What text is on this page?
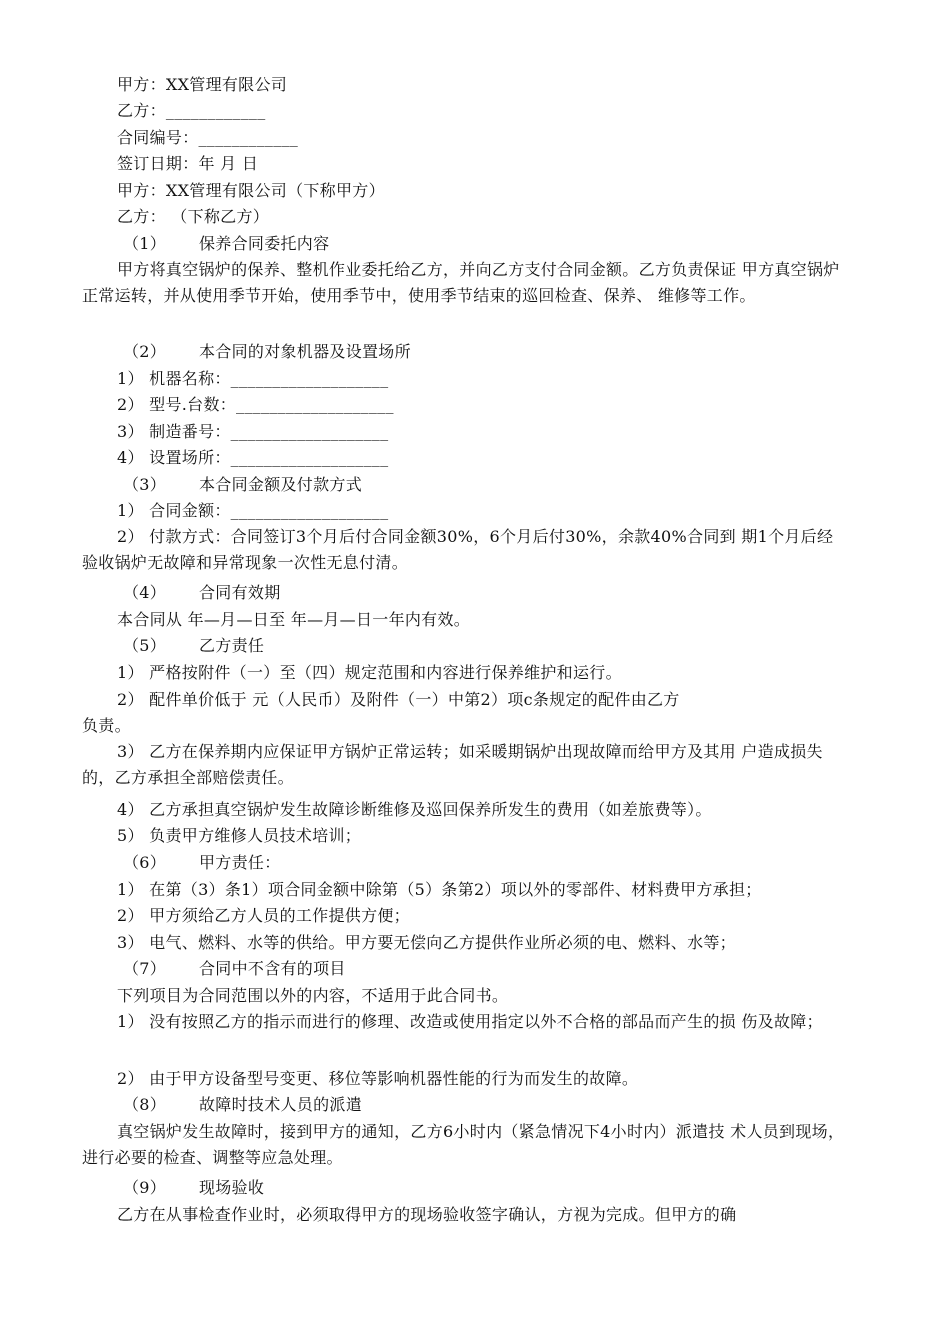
甲方：XX管理有限公司
乙方：____________
合同编号：____________
签订日期：年 月 日
甲方：XX管理有限公司（下称甲方）
乙方： （下称乙方）
（1） 保养合同委托内容
甲方将真空锅炉的保养、整机作业委托给乙方，并向乙方支付合同金额。乙方负责保证 甲方真空锅炉正常运转，并从使用季节开始，使用季节中，使用季节结束的巡回检查、保养、 维修等工作。
（2） 本合同的对象机器及设置场所
1） 机器名称：___________________
2） 型号.台数：___________________
3） 制造番号：___________________
4） 设置场所：___________________
（3） 本合同金额及付款方式
1） 合同金额：___________________
2） 付款方式：合同签订3个月后付合同金额30%，6个月后付30%，余款40%合同到 期1个月后经验收锅炉无故障和异常现象一次性无息付清。
（4） 合同有效期
本合同从 年—月—日至 年—月—日一年内有效。
（5） 乙方责任
1） 严格按附件（一）至（四）规定范围和内容进行保养维护和运行。
2） 配件单价低于 元（人民币）及附件（一）中第2）项c条规定的配件由乙方
负责。
3） 乙方在保养期内应保证甲方锅炉正常运转；如采暖期锅炉出现故障而给甲方及其用 户造成损失的，乙方承担全部赔偿责任。
4） 乙方承担真空锅炉发生故障诊断维修及巡回保养所发生的费用（如差旅费等）。
5） 负责甲方维修人员技术培训；
（6） 甲方责任：
1） 在第（3）条1）项合同金额中除第（5）条第2）项以外的零部件、材料费甲方承担；
2） 甲方须给乙方人员的工作提供方便；
3） 电气、燃料、水等的供给。甲方要无偿向乙方提供作业所必须的电、燃料、水等；
（7） 合同中不含有的项目
下列项目为合同范围以外的内容，不适用于此合同书。
1） 没有按照乙方的指示而进行的修理、改造或使用指定以外不合格的部品而产生的损 伤及故障；
2） 由于甲方设备型号变更、移位等影响机器性能的行为而发生的故障。
（8） 故障时技术人员的派遣
真空锅炉发生故障时，接到甲方的通知，乙方6小时内（紧急情况下4小时内）派遣技 术人员到现场，进行必要的检查、调整等应急处理。
（9） 现场验收
乙方在从事检查作业时，必须取得甲方的现场验收签字确认，方视为完成。但甲方的确
